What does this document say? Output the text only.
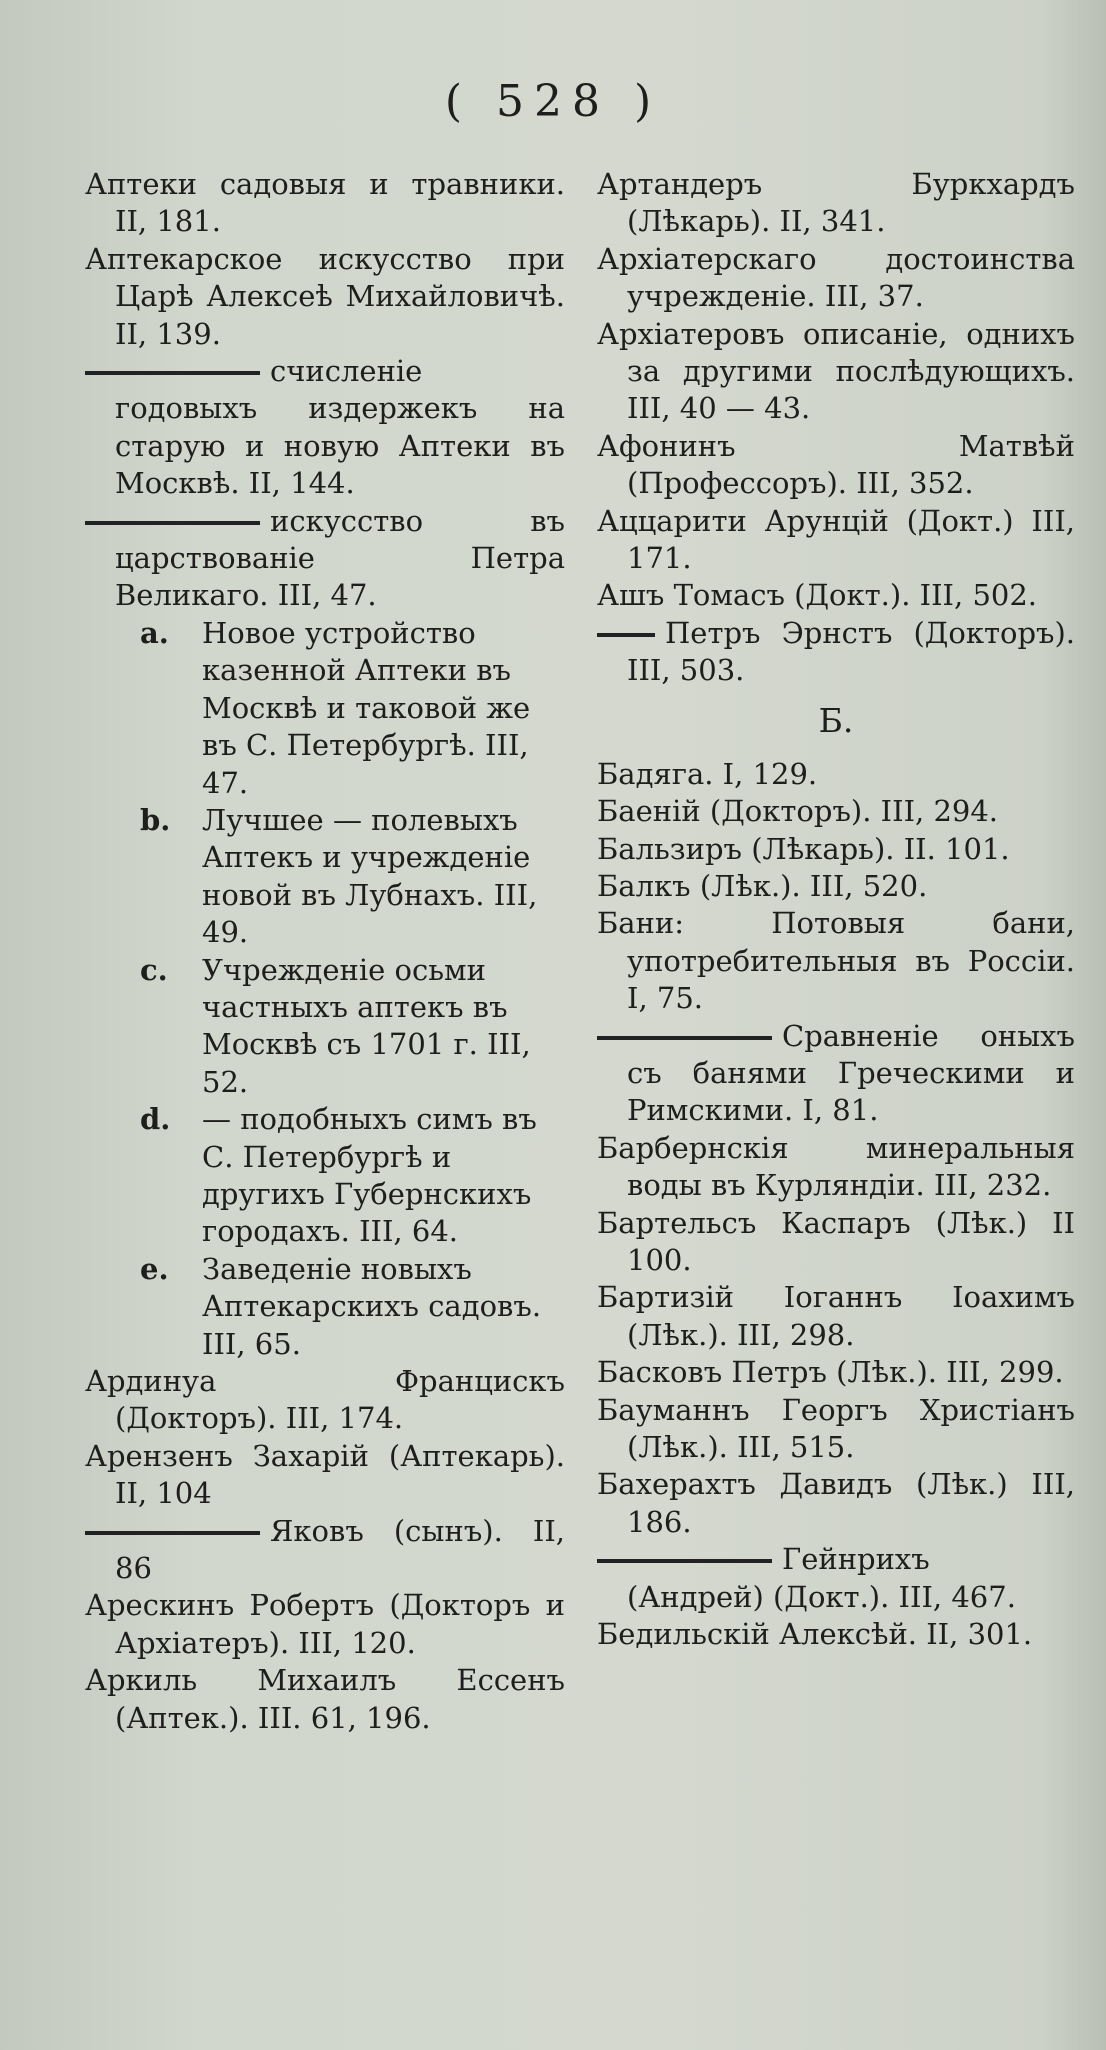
( 528 )

Аптеки садовыя и травники. II, 181.

Аптекарское искусство при Царѣ Алексеѣ Михайловичѣ. II, 139.

счисленіе годовыхъ издержекъ на старую и новую Аптеки въ Москвѣ. II, 144.

искусство въ царствованіе Петра Великаго. III, 47.

a.	Новое устройство казенной Аптеки въ Москвѣ и таковой же въ С. Петербургѣ. III, 47.
b.	Лучшее — полевыхъ Аптекъ и учрежденіе новой въ Лубнахъ. III, 49.
c.	Учрежденіе осьми частныхъ аптекъ въ Москвѣ съ 1701 г. III, 52.
d.	— подобныхъ симъ въ С. Петербургѣ и другихъ Губернскихъ городахъ. III, 64.
e.	Заведеніе новыхъ Аптекарскихъ садовъ. III, 65.

Ардинуа Францискъ (Докторъ). III, 174.

Арензенъ Захарій (Аптекарь). II, 104

Яковъ (сынъ). II, 86

Арескинъ Робертъ (Докторъ и Архіатеръ). III, 120.

Аркиль Михаилъ Ессенъ (Аптек.). III. 61, 196.

Артандеръ Буркхардъ (Лѣкарь). II, 341.

Архіатерскаго достоинства учрежденіе. III, 37.

Архіатеровъ описаніе, однихъ за другими послѣдующихъ. III, 40 — 43.

Афонинъ Матвѣй (Профессоръ). III, 352.

Аццарити Арунцій (Докт.) III, 171.

Ашъ Томасъ (Докт.). III, 502.

Петръ Эрнстъ (Докторъ). III, 503.

Б.

Бадяга. I, 129.

Баеній (Докторъ). III, 294.

Бальзиръ (Лѣкарь). II. 101.

Балкъ (Лѣк.). III, 520.

Бани: Потовыя бани, употребительныя въ Россіи. I, 75.

Сравненіе оныхъ съ банями Греческими и Римскими. I, 81.

Барбернскія минеральныя воды въ Курляндіи. III, 232.

Бартельсъ Каспаръ (Лѣк.) II 100.

Бартизій Іоганнъ Іоахимъ (Лѣк.). III, 298.

Басковъ Петръ (Лѣк.). III, 299.

Бауманнъ Георгъ Христіанъ (Лѣк.). III, 515.

Бахерахтъ Давидъ (Лѣк.) III, 186.

Гейнрихъ (Андрей) (Докт.). III, 467.

Бедильскій Алексѣй. II, 301.
